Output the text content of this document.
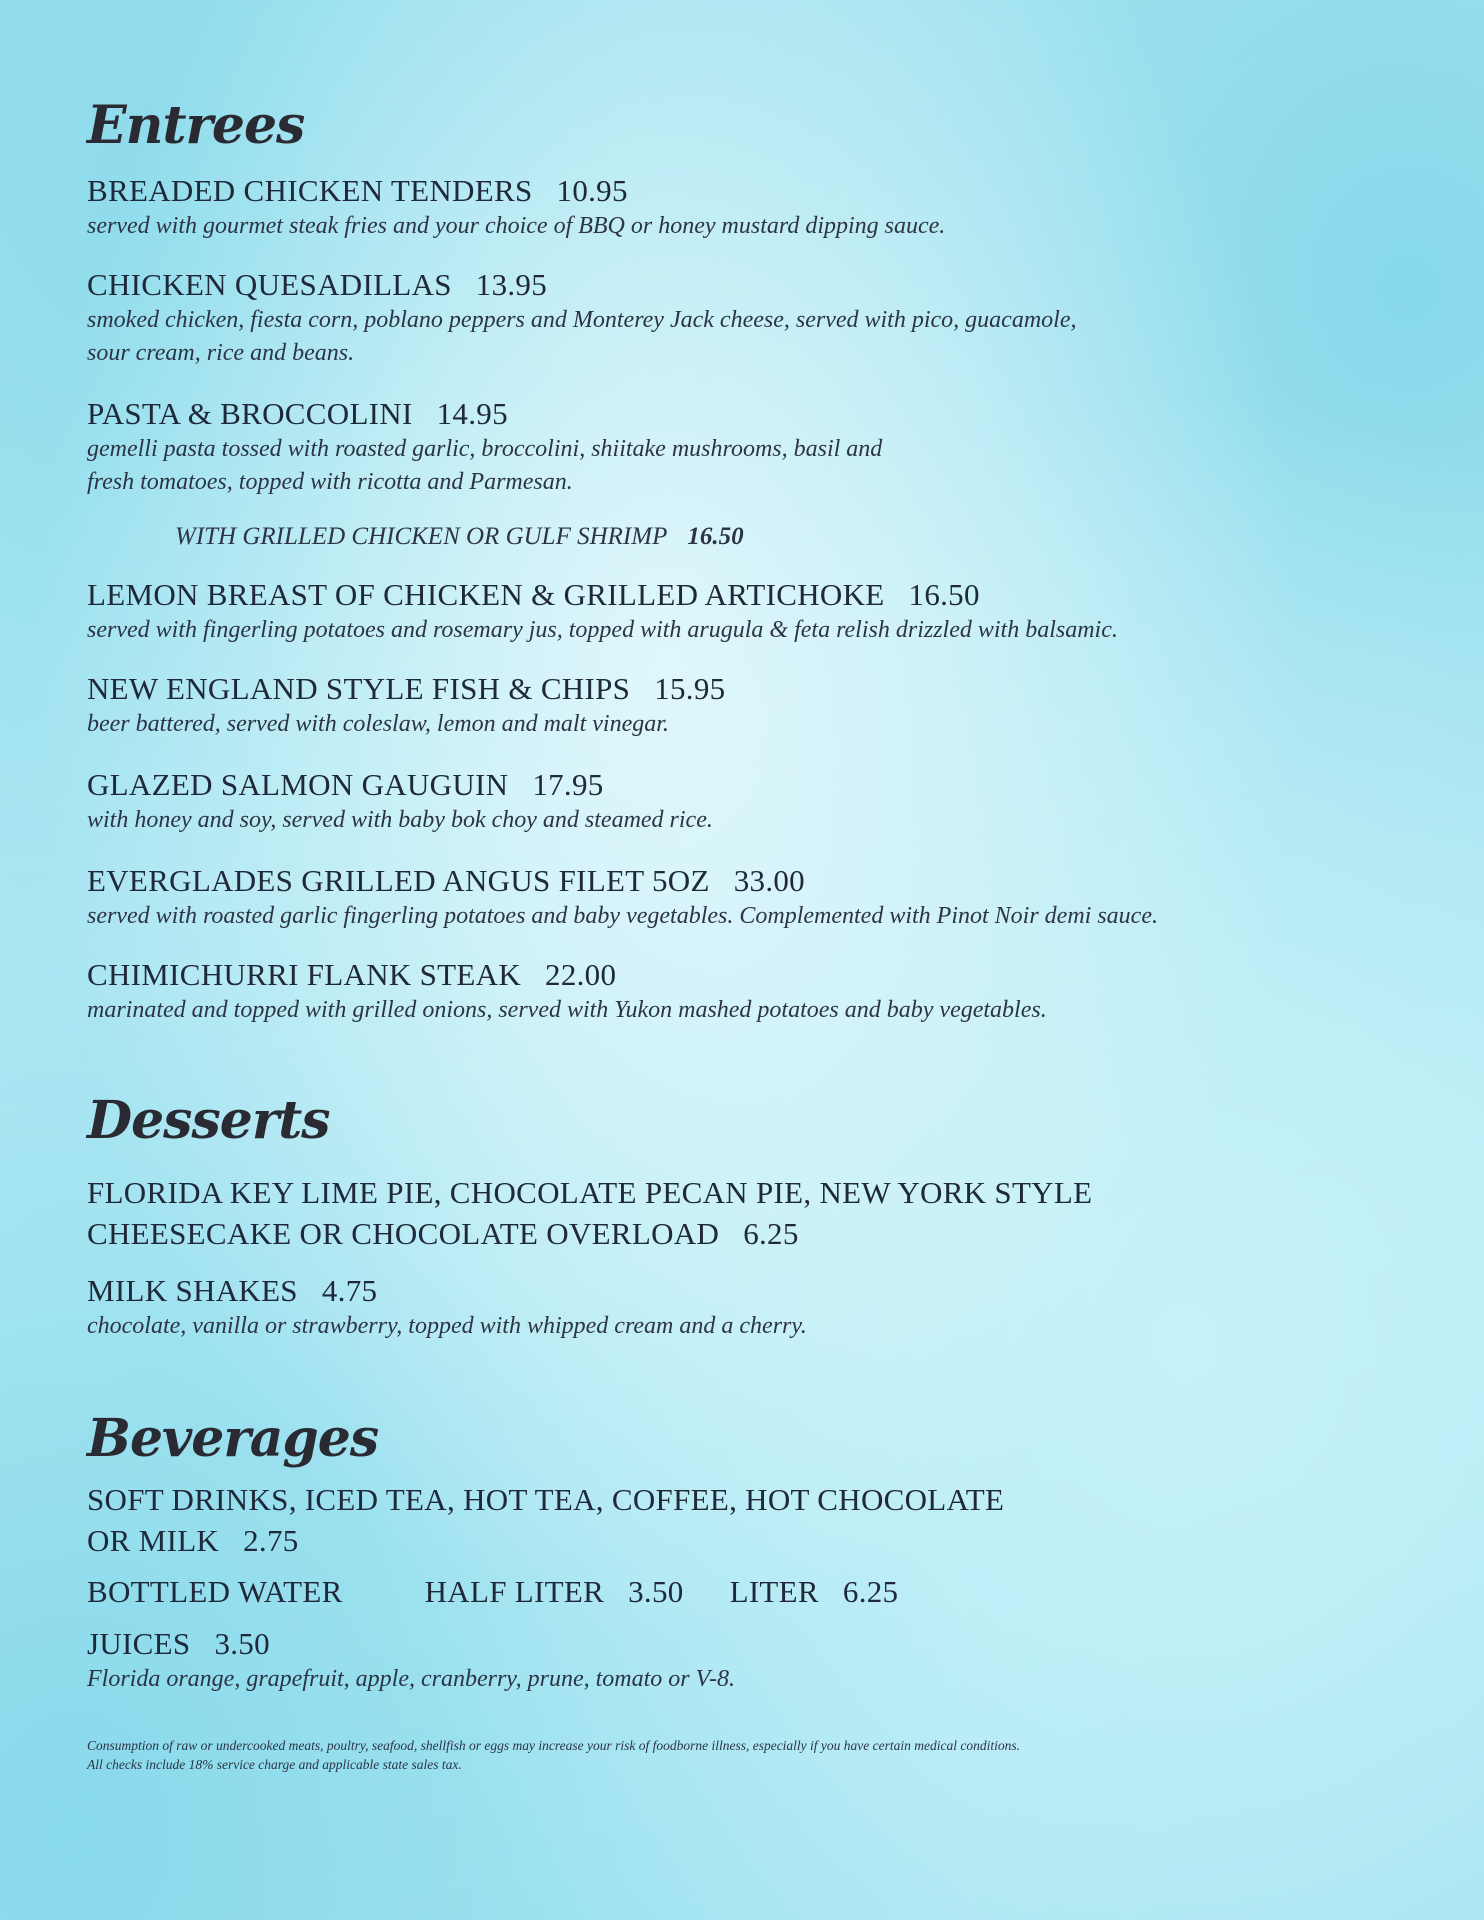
Entrees
BREADED CHICKEN TENDERS 10.95
served with gourmet steak fries and your choice of BBQ or honey mustard dipping sauce.
CHICKEN QUESADILLAS 13.95
smoked chicken, fiesta corn, poblano peppers and Monterey Jack cheese, served with pico, guacamole,
sour cream, rice and beans.
PASTA & BROCCOLINI 14.95
gemelli pasta tossed with roasted garlic, broccolini, shiitake mushrooms, basil and
fresh tomatoes, topped with ricotta and Parmesan.
WITH GRILLED CHICKEN OR GULF SHRIMP 16.50
LEMON BREAST OF CHICKEN & GRILLED ARTICHOKE 16.50
served with fingerling potatoes and rosemary jus, topped with arugula & feta relish drizzled with balsamic.
NEW ENGLAND STYLE FISH & CHIPS 15.95
beer battered, served with coleslaw, lemon and malt vinegar.
GLAZED SALMON GAUGUIN 17.95
with honey and soy, served with baby bok choy and steamed rice.
EVERGLADES GRILLED ANGUS FILET 5OZ 33.00
served with roasted garlic fingerling potatoes and baby vegetables. Complemented with Pinot Noir demi sauce.
CHIMICHURRI FLANK STEAK 22.00
marinated and topped with grilled onions, served with Yukon mashed potatoes and baby vegetables.
Desserts
FLORIDA KEY LIME PIE, CHOCOLATE PECAN PIE, NEW YORK STYLE
CHEESECAKE OR CHOCOLATE OVERLOAD 6.25
MILK SHAKES 4.75
chocolate, vanilla or strawberry, topped with whipped cream and a cherry.
Beverages
SOFT DRINKS, ICED TEA, HOT TEA, COFFEE, HOT CHOCOLATE
OR MILK 2.75
BOTTLED WATER	HALF LITER 3.50 LITER 6.25
JUICES 3.50
Florida orange, grapefruit, apple, cranberry, prune, tomato or V-8.
Consumption of raw or undercooked meats, poultry, seafood, shellfish or eggs may increase your risk of foodborne illness, especially if you have certain medical conditions.
All checks include 18% service charge and applicable state sales tax.
